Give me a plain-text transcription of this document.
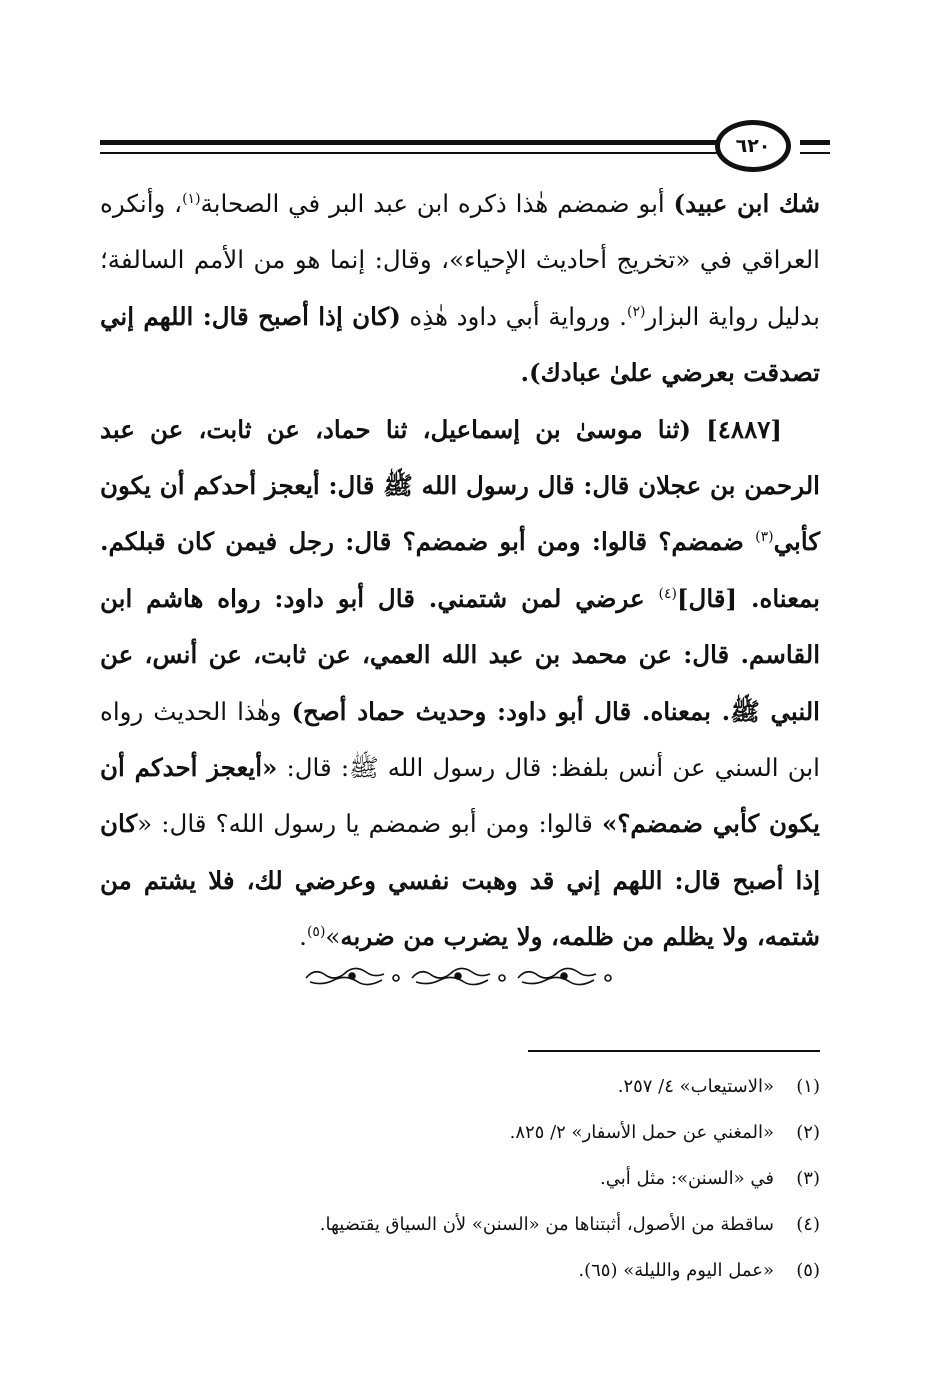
٦٢٠

شك ابن عبيد) أبو ضمضم هٰذا ذكره ابن عبد البر في الصحابة$^{(١)}$، وأنكره العراقي في «تخريج أحاديث الإحياء»، وقال: إنما هو من الأمم السالفة؛ بدليل رواية البزار$^{(٢)}$. ورواية أبي داود هٰذِه (كان إذا أصبح قال: اللهم إني تصدقت بعرضي علىٰ عبادك).

[٤٨٨٧] (ثنا موسىٰ بن إسماعيل، ثنا حماد، عن ثابت، عن عبد الرحمن بن عجلان قال: قال رسول الله ﷺ قال: أيعجز أحدكم أن يكون كأبي$^{(٣)}$ ضمضم؟ قالوا: ومن أبو ضمضم؟ قال: رجل فيمن كان قبلكم. بمعناه. [قال]$^{(٤)}$ عرضي لمن شتمني. قال أبو داود: رواه هاشم ابن القاسم. قال: عن محمد بن عبد الله العمي، عن ثابت، عن أنس، عن النبي ﷺ. بمعناه. قال أبو داود: وحديث حماد أصح) وهٰذا الحديث رواه ابن السني عن أنس بلفظ: قال رسول الله ﷺ: قال: «أيعجز أحدكم أن يكون كأبي ضمضم؟» قالوا: ومن أبو ضمضم يا رسول الله؟ قال: «كان إذا أصبح قال: اللهم إني قد وهبت نفسي وعرضي لك، فلا يشتم من شتمه، ولا يظلم من ظلمه، ولا يضرب من ضربه»$^{(٥)}$.

(١)
«الاستيعاب» ٤/ ٢٥٧.
(٢)
«المغني عن حمل الأسفار» ٢/ ٨٢٥.
(٣)
في «السنن»: مثل أبي.
(٤)
ساقطة من الأصول، أثبتناها من «السنن» لأن السياق يقتضيها.
(٥)
«عمل اليوم والليلة» (٦٥).
